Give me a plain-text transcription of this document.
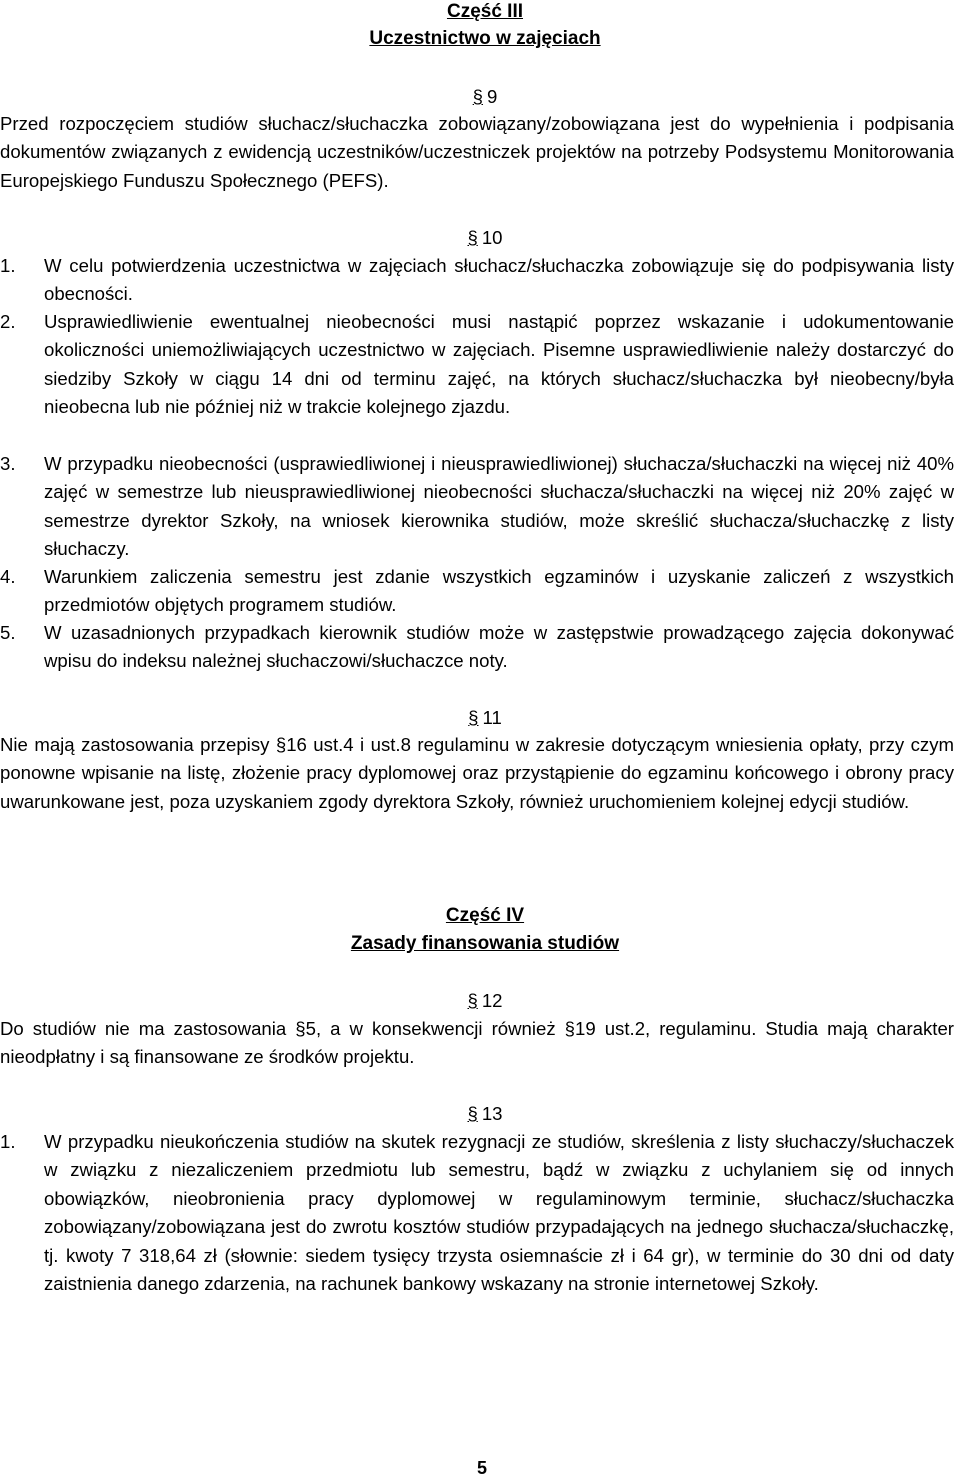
Część III
Uczestnictwo w zajęciach
§ 9

Przed rozpoczęciem studiów słuchacz/słuchaczka zobowiązany/zobowiązana jest do wypełnienia i podpisania dokumentów związanych z ewidencją uczestników/uczestniczek projektów na potrzeby Podsystemu Monitorowania Europejskiego Funduszu Społecznego (PEFS).

§ 10
1. W celu potwierdzenia uczestnictwa w zajęciach słuchacz/słuchaczka zobowiązuje się do podpisywania listy obecności.

2. Usprawiedliwienie ewentualnej nieobecności musi nastąpić poprzez wskazanie i udokumentowanie okoliczności uniemożliwiających uczestnictwo w zajęciach. Pisemne usprawiedliwienie należy dostarczyć do siedziby Szkoły w ciągu 14 dni od terminu zajęć, na których słuchacz/słuchaczka był nieobecny/była nieobecna lub nie później niż w trakcie kolejnego zjazdu.

3. W przypadku nieobecności (usprawiedliwionej i nieusprawiedliwionej) słuchacza/słuchaczki na więcej niż 40% zajęć w semestrze lub nieusprawiedliwionej nieobecności słuchacza/słuchaczki na więcej niż 20% zajęć w semestrze dyrektor Szkoły, na wniosek kierownika studiów, może skreślić słuchacza/słuchaczkę z listy słuchaczy.

4. Warunkiem zaliczenia semestru jest zdanie wszystkich egzaminów i uzyskanie zaliczeń z wszystkich przedmiotów objętych programem studiów.

5. W uzasadnionych przypadkach kierownik studiów może w zastępstwie prowadzącego zajęcia dokonywać wpisu do indeksu należnej słuchaczowi/słuchaczce noty.

§ 11

Nie mają zastosowania przepisy §16 ust.4 i ust.8 regulaminu w zakresie dotyczącym wniesienia opłaty, przy czym ponowne wpisanie na listę, złożenie pracy dyplomowej oraz przystąpienie do egzaminu końcowego i obrony pracy uwarunkowane jest, poza uzyskaniem zgody dyrektora Szkoły, również uruchomieniem kolejnej edycji studiów.

Część IV
Zasady finansowania studiów
§ 12

Do studiów nie ma zastosowania §5, a w konsekwencji również §19 ust.2, regulaminu. Studia mają charakter nieodpłatny i są finansowane ze środków projektu.

§ 13
1. W przypadku nieukończenia studiów na skutek rezygnacji ze studiów, skreślenia z listy słuchaczy/słuchaczek w związku z niezaliczeniem przedmiotu lub semestru, bądź w związku z uchylaniem się od innych obowiązków, nieobronienia pracy dyplomowej w regulaminowym terminie, słuchacz/słuchaczka zobowiązany/zobowiązana jest do zwrotu kosztów studiów przypadających na jednego słuchacza/słuchaczkę, tj. kwoty 7 318,64 zł (słownie: siedem tysięcy trzysta osiemnaście zł i 64 gr), w terminie do 30 dni od daty zaistnienia danego zdarzenia, na rachunek bankowy wskazany na stronie internetowej Szkoły.

5
